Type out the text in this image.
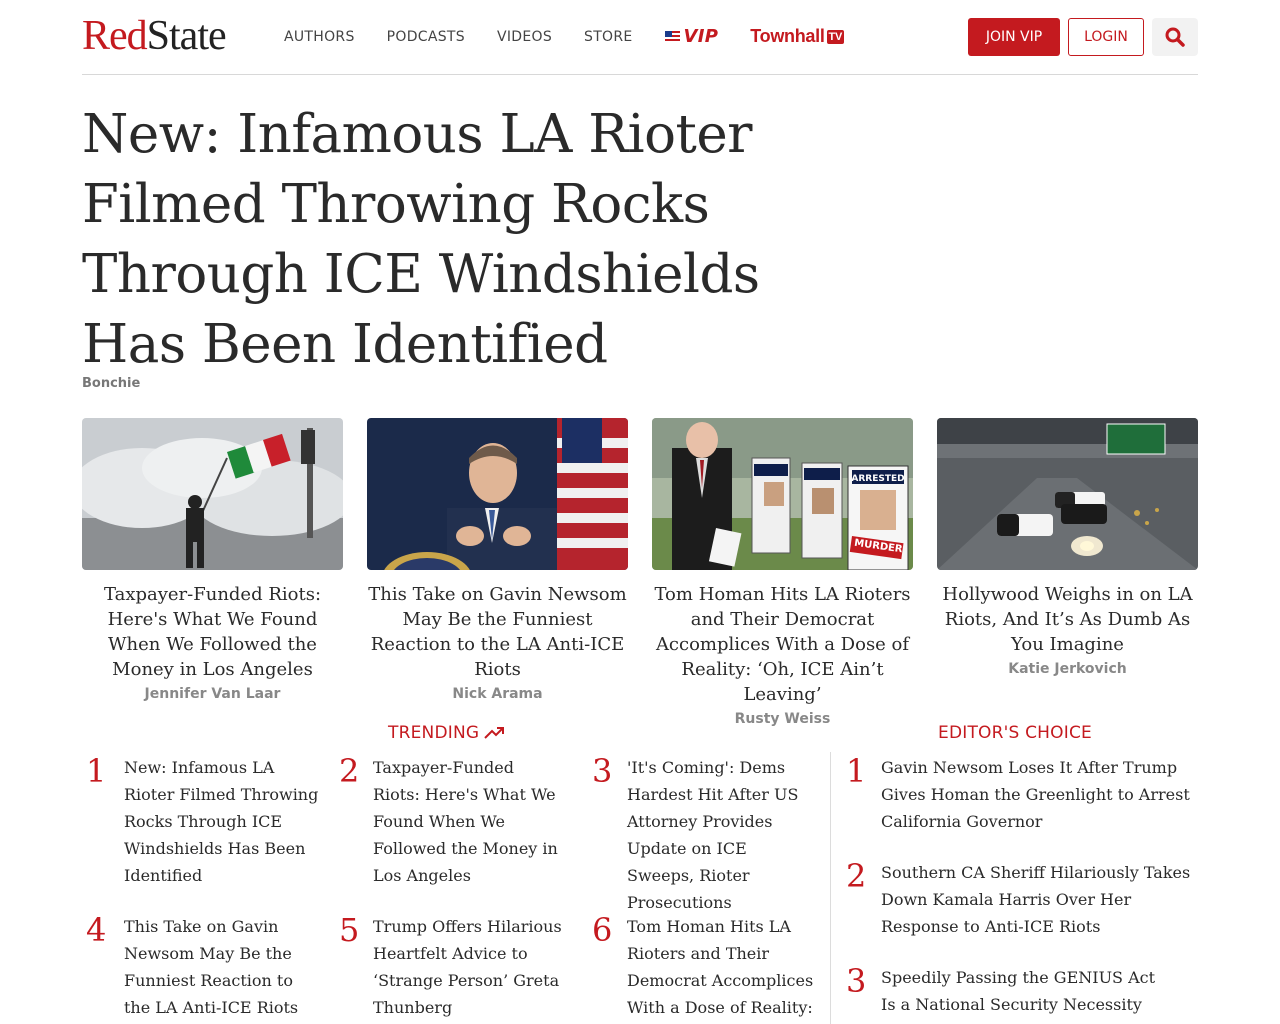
RedState	AUTHORS PODCASTS VIDEOS STORE	VIP Townhall TV	JOIN VIP	LOGIN
New: Infamous LA Rioter Filmed Throwing Rocks Through ICE Windshields Has Been Identified
Bonchie
Taxpayer-Funded Riots: Here's What We Found When We Followed the Money in Los Angeles
Jennifer Van Laar
This Take on Gavin Newsom May Be the Funniest Reaction to the LA Anti-ICE Riots
Nick Arama
ARRESTED
MURDER
Tom Homan Hits LA Rioters and Their Democrat Accomplices With a Dose of Reality: ‘Oh, ICE Ain’t Leaving’
Rusty Weiss
Hollywood Weighs in on LA Riots, And It’s As Dumb As You Imagine
Katie Jerkovich
TRENDING	EDITOR'S CHOICE
1	New: Infamous LA Rioter Filmed Throwing Rocks Through ICE Windshields Has Been Identified
2 Taxpayer-Funded Riots: Here's What We Found When We Followed the Money in Los Angeles
3 'It's Coming': Dems Hardest Hit After US Attorney Provides Update on ICE Sweeps, Rioter Prosecutions
4	This Take on Gavin Newsom May Be the Funniest Reaction to the LA Anti-ICE Riots
5 Trump Offers Hilarious Heartfelt Advice to ‘Strange Person’ Greta Thunberg
6 Tom Homan Hits LA Rioters and Their Democrat Accomplices With a Dose of Reality:
1 Gavin Newsom Loses It After Trump Gives Homan the Greenlight to Arrest California Governor
2 Southern CA Sheriff Hilariously Takes Down Kamala Harris Over Her Response to Anti-ICE Riots
3 Speedily Passing the GENIUS Act Is a National Security Necessity
